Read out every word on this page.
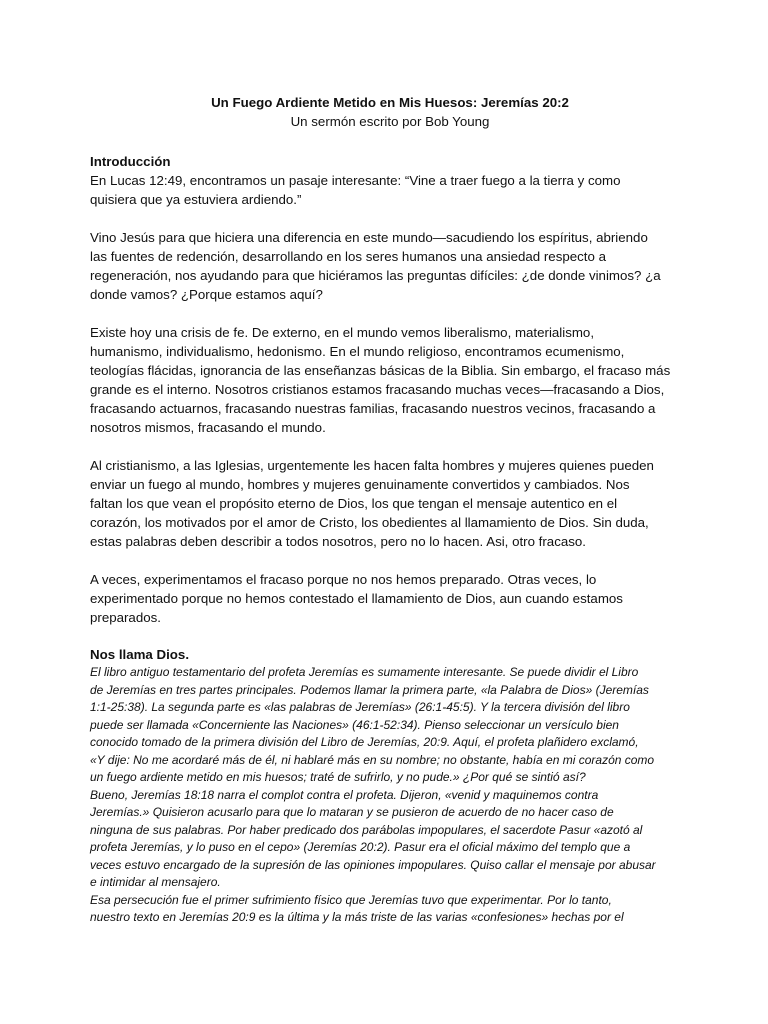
Un Fuego Ardiente Metido en Mis Huesos: Jeremías 20:2
Un sermón escrito por Bob Young
Introducción
En Lucas 12:49, encontramos un pasaje interesante: “Vine a traer fuego a la tierra y como
quisiera que ya estuviera ardiendo.”
Vino Jesús para que hiciera una diferencia en este mundo—sacudiendo los espíritus, abriendo
las fuentes de redención, desarrollando en los seres humanos una ansiedad respecto a
regeneración, nos ayudando para que hiciéramos las preguntas difíciles: ¿de donde vinimos? ¿a
donde vamos? ¿Porque estamos aquí?
Existe hoy una crisis de fe. De externo, en el mundo vemos liberalismo, materialismo,
humanismo, individualismo, hedonismo. En el mundo religioso, encontramos ecumenismo,
teologías flácidas, ignorancia de las enseñanzas básicas de la Biblia. Sin embargo, el fracaso más
grande es el interno. Nosotros cristianos estamos fracasando muchas veces—fracasando a Dios,
fracasando actuarnos, fracasando nuestras familias, fracasando nuestros vecinos, fracasando a
nosotros mismos, fracasando el mundo.
Al cristianismo, a las Iglesias, urgentemente les hacen falta hombres y mujeres quienes pueden
enviar un fuego al mundo, hombres y mujeres genuinamente convertidos y cambiados. Nos
faltan los que vean el propósito eterno de Dios, los que tengan el mensaje autentico en el
corazón, los motivados por el amor de Cristo, los obedientes al llamamiento de Dios. Sin duda,
estas palabras deben describir a todos nosotros, pero no lo hacen. Asi, otro fracaso.
A veces, experimentamos el fracaso porque no nos hemos preparado. Otras veces, lo
experimentado porque no hemos contestado el llamamiento de Dios, aun cuando estamos
preparados.
Nos llama Dios.
El libro antiguo testamentario del profeta Jeremías es sumamente interesante. Se puede dividir el Libro
de Jeremías en tres partes principales. Podemos llamar la primera parte, «la Palabra de Dios» (Jeremías
1:1-25:38). La segunda parte es «las palabras de Jeremías» (26:1-45:5). Y la tercera división del libro
puede ser llamada «Concerniente las Naciones» (46:1-52:34). Pienso seleccionar un versículo bien
conocido tomado de la primera división del Libro de Jeremías, 20:9. Aquí, el profeta plañidero exclamó,
«Y dije: No me acordaré más de él, ni hablaré más en su nombre; no obstante, había en mi corazón como
un fuego ardiente metido en mis huesos; traté de sufrirlo, y no pude.» ¿Por qué se sintió así?
Bueno, Jeremías 18:18 narra el complot contra el profeta. Dijeron, «venid y maquinemos contra
Jeremías.» Quisieron acusarlo para que lo mataran y se pusieron de acuerdo de no hacer caso de
ninguna de sus palabras. Por haber predicado dos parábolas impopulares, el sacerdote Pasur «azotó al
profeta Jeremías, y lo puso en el cepo» (Jeremías 20:2). Pasur era el oficial máximo del templo que a
veces estuvo encargado de la supresión de las opiniones impopulares. Quiso callar el mensaje por abusar
e intimidar al mensajero.
Esa persecución fue el primer sufrimiento físico que Jeremías tuvo que experimentar. Por lo tanto,
nuestro texto en Jeremías 20:9 es la última y la más triste de las varias «confesiones» hechas por el
